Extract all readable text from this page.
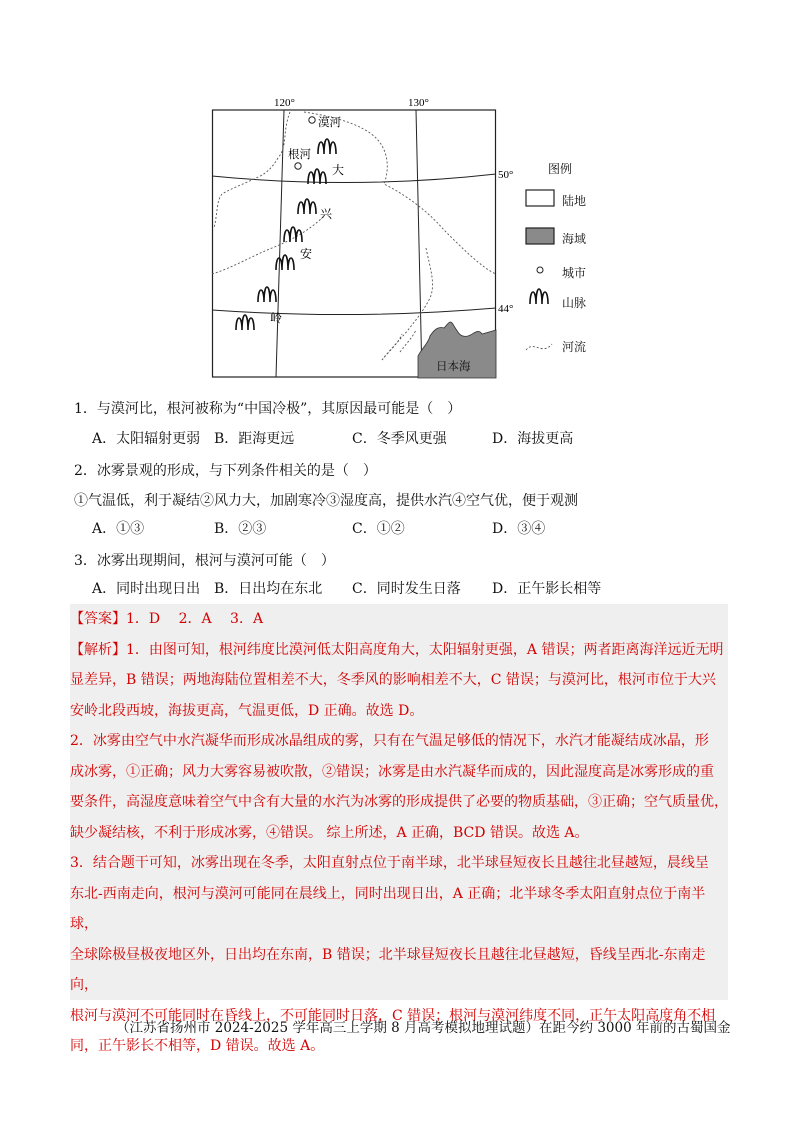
120°	130°
50°
44°
漠河
根河
大
兴
安
岭
日本海
图例
陆地
海域
城市
山脉
河流
1．与漠河比，根河被称为“中国冷极”，其原因最可能是（　）
A．太阳辐射更弱 B．距海更远	C．冬季风更强	D．海拔更高
2．冰雾景观的形成，与下列条件相关的是（　）
①气温低，利于凝结②风力大，加剧寒冷③湿度高，提供水汽④空气优，便于观测
A．①③	B．②③	C．①②	D．③④
3．冰雾出现期间，根河与漠河可能（　）
A．同时出现日出 B．日出均在东北 C．同时发生日落 D．正午影长相等

【答案】1．D　 2．A　 3．A

【解析】1．由图可知，根河纬度比漠河低太阳高度角大，太阳辐射更强，A 错误；两者距离海洋远近无明

显差异，B 错误；两地海陆位置相差不大，冬季风的影响相差不大，C 错误；与漠河比，根河市位于大兴

安岭北段西坡，海拔更高，气温更低，D 正确。故选 D。

2．冰雾由空气中水汽凝华而形成冰晶组成的雾，只有在气温足够低的情况下，水汽才能凝结成冰晶，形

成冰雾，①正确；风力大雾容易被吹散，②错误；冰雾是由水汽凝华而成的，因此湿度高是冰雾形成的重

要条件，高湿度意味着空气中含有大量的水汽为冰雾的形成提供了必要的物质基础，③正确；空气质量优，

缺少凝结核，不利于形成冰雾，④错误。 综上所述，A 正确，BCD 错误。故选 A。

3．结合题干可知，冰雾出现在冬季，太阳直射点位于南半球，北半球昼短夜长且越往北昼越短，晨线呈

东北-西南走向，根河与漠河可能同在晨线上，同时出现日出，A 正确；北半球冬季太阳直射点位于南半球，

全球除极昼极夜地区外，日出均在东南，B 错误；北半球昼短夜长且越往北昼越短，昏线呈西北-东南走向，

根河与漠河不可能同时在昏线上，不可能同时日落，C 错误；根河与漠河纬度不同，正午太阳高度角不相

同，正午影长不相等，D 错误。故选 A。

（江苏省扬州市 2024-2025 学年高三上学期 8 月高考模拟地理试题）在距今约 3000 年前的古蜀国金
